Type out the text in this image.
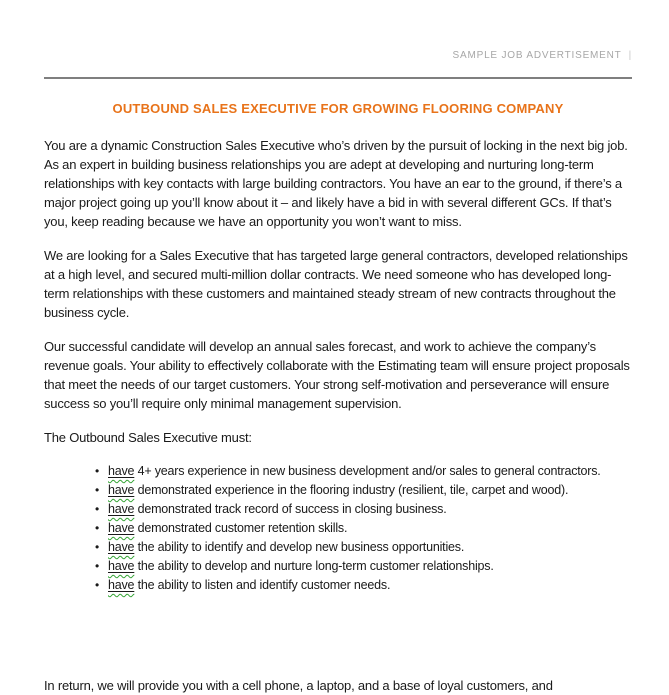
SAMPLE JOB ADVERTISEMENT |
OUTBOUND SALES EXECUTIVE FOR GROWING FLOORING COMPANY

You are a dynamic Construction Sales Executive who’s driven by the pursuit of locking in the next big job. As an expert in building business relationships you are adept at developing and nurturing long-term relationships with key contacts with large building contractors. You have an ear to the ground, if there’s a major project going up you’ll know about it – and likely have a bid in with several different GCs. If that’s you, keep reading because we have an opportunity you won’t want to miss.

We are looking for a Sales Executive that has targeted large general contractors, developed relationships at a high level, and secured multi-million dollar contracts. We need someone who has developed long-term relationships with these customers and maintained steady stream of new contracts throughout the business cycle.

Our successful candidate will develop an annual sales forecast, and work to achieve the company’s revenue goals. Your ability to effectively collaborate with the Estimating team will ensure project proposals that meet the needs of our target customers. Your strong self-motivation and perseverance will ensure success so you’ll require only minimal management supervision.

The Outbound Sales Executive must:

• have 4+ years experience in new business development and/or sales to general contractors.
• have demonstrated experience in the flooring industry (resilient, tile, carpet and wood).
• have demonstrated track record of success in closing business.
• have demonstrated customer retention skills.
• have the ability to identify and develop new business opportunities.
• have the ability to develop and nurture long-term customer relationships.
• have the ability to listen and identify customer needs.
In return, we will provide you with a cell phone, a laptop, and a base of loyal customers, and
